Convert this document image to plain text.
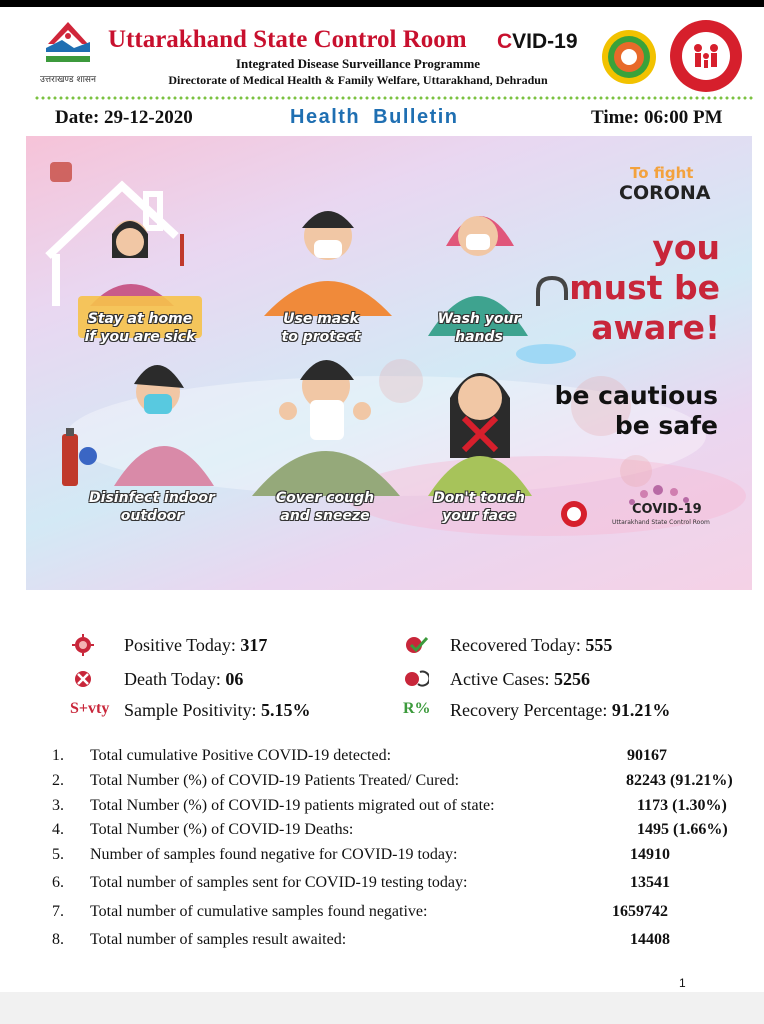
उत्तराखण्ड शासन
Uttarakhand State Control Room CVID-19
Integrated Disease Surveillance Programme
Directorate of Medical Health & Family Welfare, Uttarakhand, Dehradun
Date: 29-12-2020	Health Bulletin	Time: 06:00 PM
Stay at home
if you are sick
Use mask
to protect
Wash your
hands
Disinfect indoor
outdoor
Cover cough
and sneeze
Don't touch
your face
To fight
CORONA
you
must be
aware!
be cautious
be safe
COVID-19
Uttarakhand State Control Room
Positive Today: 317	Recovered Today: 555
Death Today: 06	Active Cases: 5256
S+vty Sample Positivity: 5.15%	R% Recovery Percentage: 91.21%
1. Total cumulative Positive COVID-19 detected:	90167
2. Total Number (%) of COVID-19 Patients Treated/ Cured:	82243 (91.21%)
3. Total Number (%) of COVID-19 patients migrated out of state:	1173 (1.30%)
4. Total Number (%) of COVID-19 Deaths:	1495 (1.66%)
5. Number of samples found negative for COVID-19 today:	14910
6. Total number of samples sent for COVID-19 testing today:	13541
7. Total number of cumulative samples found negative:	1659742
8. Total number of samples result awaited:	14408
1
